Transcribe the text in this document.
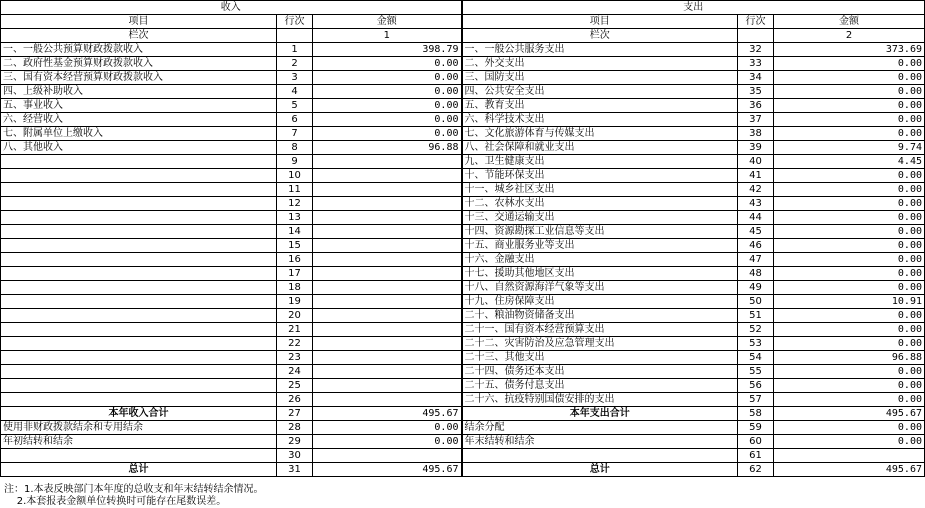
收入			支出		
项目	行次	金额	项目	行次	金额
栏次		1	栏次		2
一、一般公共预算财政拨款收入	1	398.79	一、一般公共服务支出	32	373.69
二、政府性基金预算财政拨款收入	2	0.00	二、外交支出	33	0.00
三、国有资本经营预算财政拨款收入	3	0.00	三、国防支出	34	0.00
四、上级补助收入	4	0.00	四、公共安全支出	35	0.00
五、事业收入	5	0.00	五、教育支出	36	0.00
六、经营收入	6	0.00	六、科学技术支出	37	0.00
七、附属单位上缴收入	7	0.00	七、文化旅游体育与传媒支出	38	0.00
八、其他收入	8	96.88	八、社会保障和就业支出	39	9.74
	9		九、卫生健康支出	40	4.45
	10		十、节能环保支出	41	0.00
	11		十一、城乡社区支出	42	0.00
	12		十二、农林水支出	43	0.00
	13		十三、交通运输支出	44	0.00
	14		十四、资源勘探工业信息等支出	45	0.00
	15		十五、商业服务业等支出	46	0.00
	16		十六、金融支出	47	0.00
	17		十七、援助其他地区支出	48	0.00
	18		十八、自然资源海洋气象等支出	49	0.00
	19		十九、住房保障支出	50	10.91
	20		二十、粮油物资储备支出	51	0.00
	21		二十一、国有资本经营预算支出	52	0.00
	22		二十二、灾害防治及应急管理支出	53	0.00
	23		二十三、其他支出	54	96.88
	24		二十四、债务还本支出	55	0.00
	25		二十五、债务付息支出	56	0.00
	26		二十六、抗疫特别国债安排的支出	57	0.00
本年收入合计	27	495.67	本年支出合计	58	495.67
使用非财政拨款结余和专用结余	28	0.00	结余分配	59	0.00
年初结转和结余	29	0.00	年末结转和结余	60	0.00
	30			61	
总计	31	495.67	总计	62	495.67
注：1.本表反映部门本年度的总收支和年末结转结余情况。
2.本套报表金额单位转换时可能存在尾数误差。
